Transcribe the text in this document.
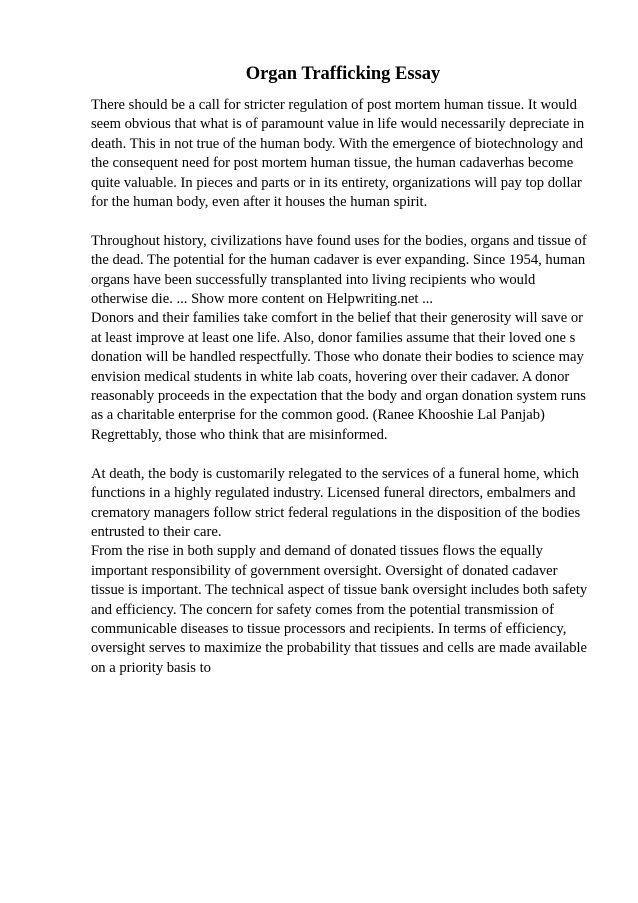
Organ Trafficking Essay

There should be a call for stricter regulation of post mortem human tissue. It would
seem obvious that what is of paramount value in life would necessarily depreciate in
death. This in not true of the human body. With the emergence of biotechnology and
the consequent need for post mortem human tissue, the human cadaverhas become
quite valuable. In pieces and parts or in its entirety, organizations will pay top dollar
for the human body, even after it houses the human spirit.

Throughout history, civilizations have found uses for the bodies, organs and tissue of
the dead. The potential for the human cadaver is ever expanding. Since 1954, human
organs have been successfully transplanted into living recipients who would
otherwise die. ... Show more content on Helpwriting.net ...
Donors and their families take comfort in the belief that their generosity will save or
at least improve at least one life. Also, donor families assume that their loved one s
donation will be handled respectfully. Those who donate their bodies to science may
envision medical students in white lab coats, hovering over their cadaver. A donor
reasonably proceeds in the expectation that the body and organ donation system runs
as a charitable enterprise for the common good. (Ranee Khooshie Lal Panjab)
Regrettably, those who think that are misinformed.

At death, the body is customarily relegated to the services of a funeral home, which
functions in a highly regulated industry. Licensed funeral directors, embalmers and
crematory managers follow strict federal regulations in the disposition of the bodies
entrusted to their care.
From the rise in both supply and demand of donated tissues flows the equally
important responsibility of government oversight. Oversight of donated cadaver
tissue is important. The technical aspect of tissue bank oversight includes both safety
and efficiency. The concern for safety comes from the potential transmission of
communicable diseases to tissue processors and recipients. In terms of efficiency,
oversight serves to maximize the probability that tissues and cells are made available
on a priority basis to
